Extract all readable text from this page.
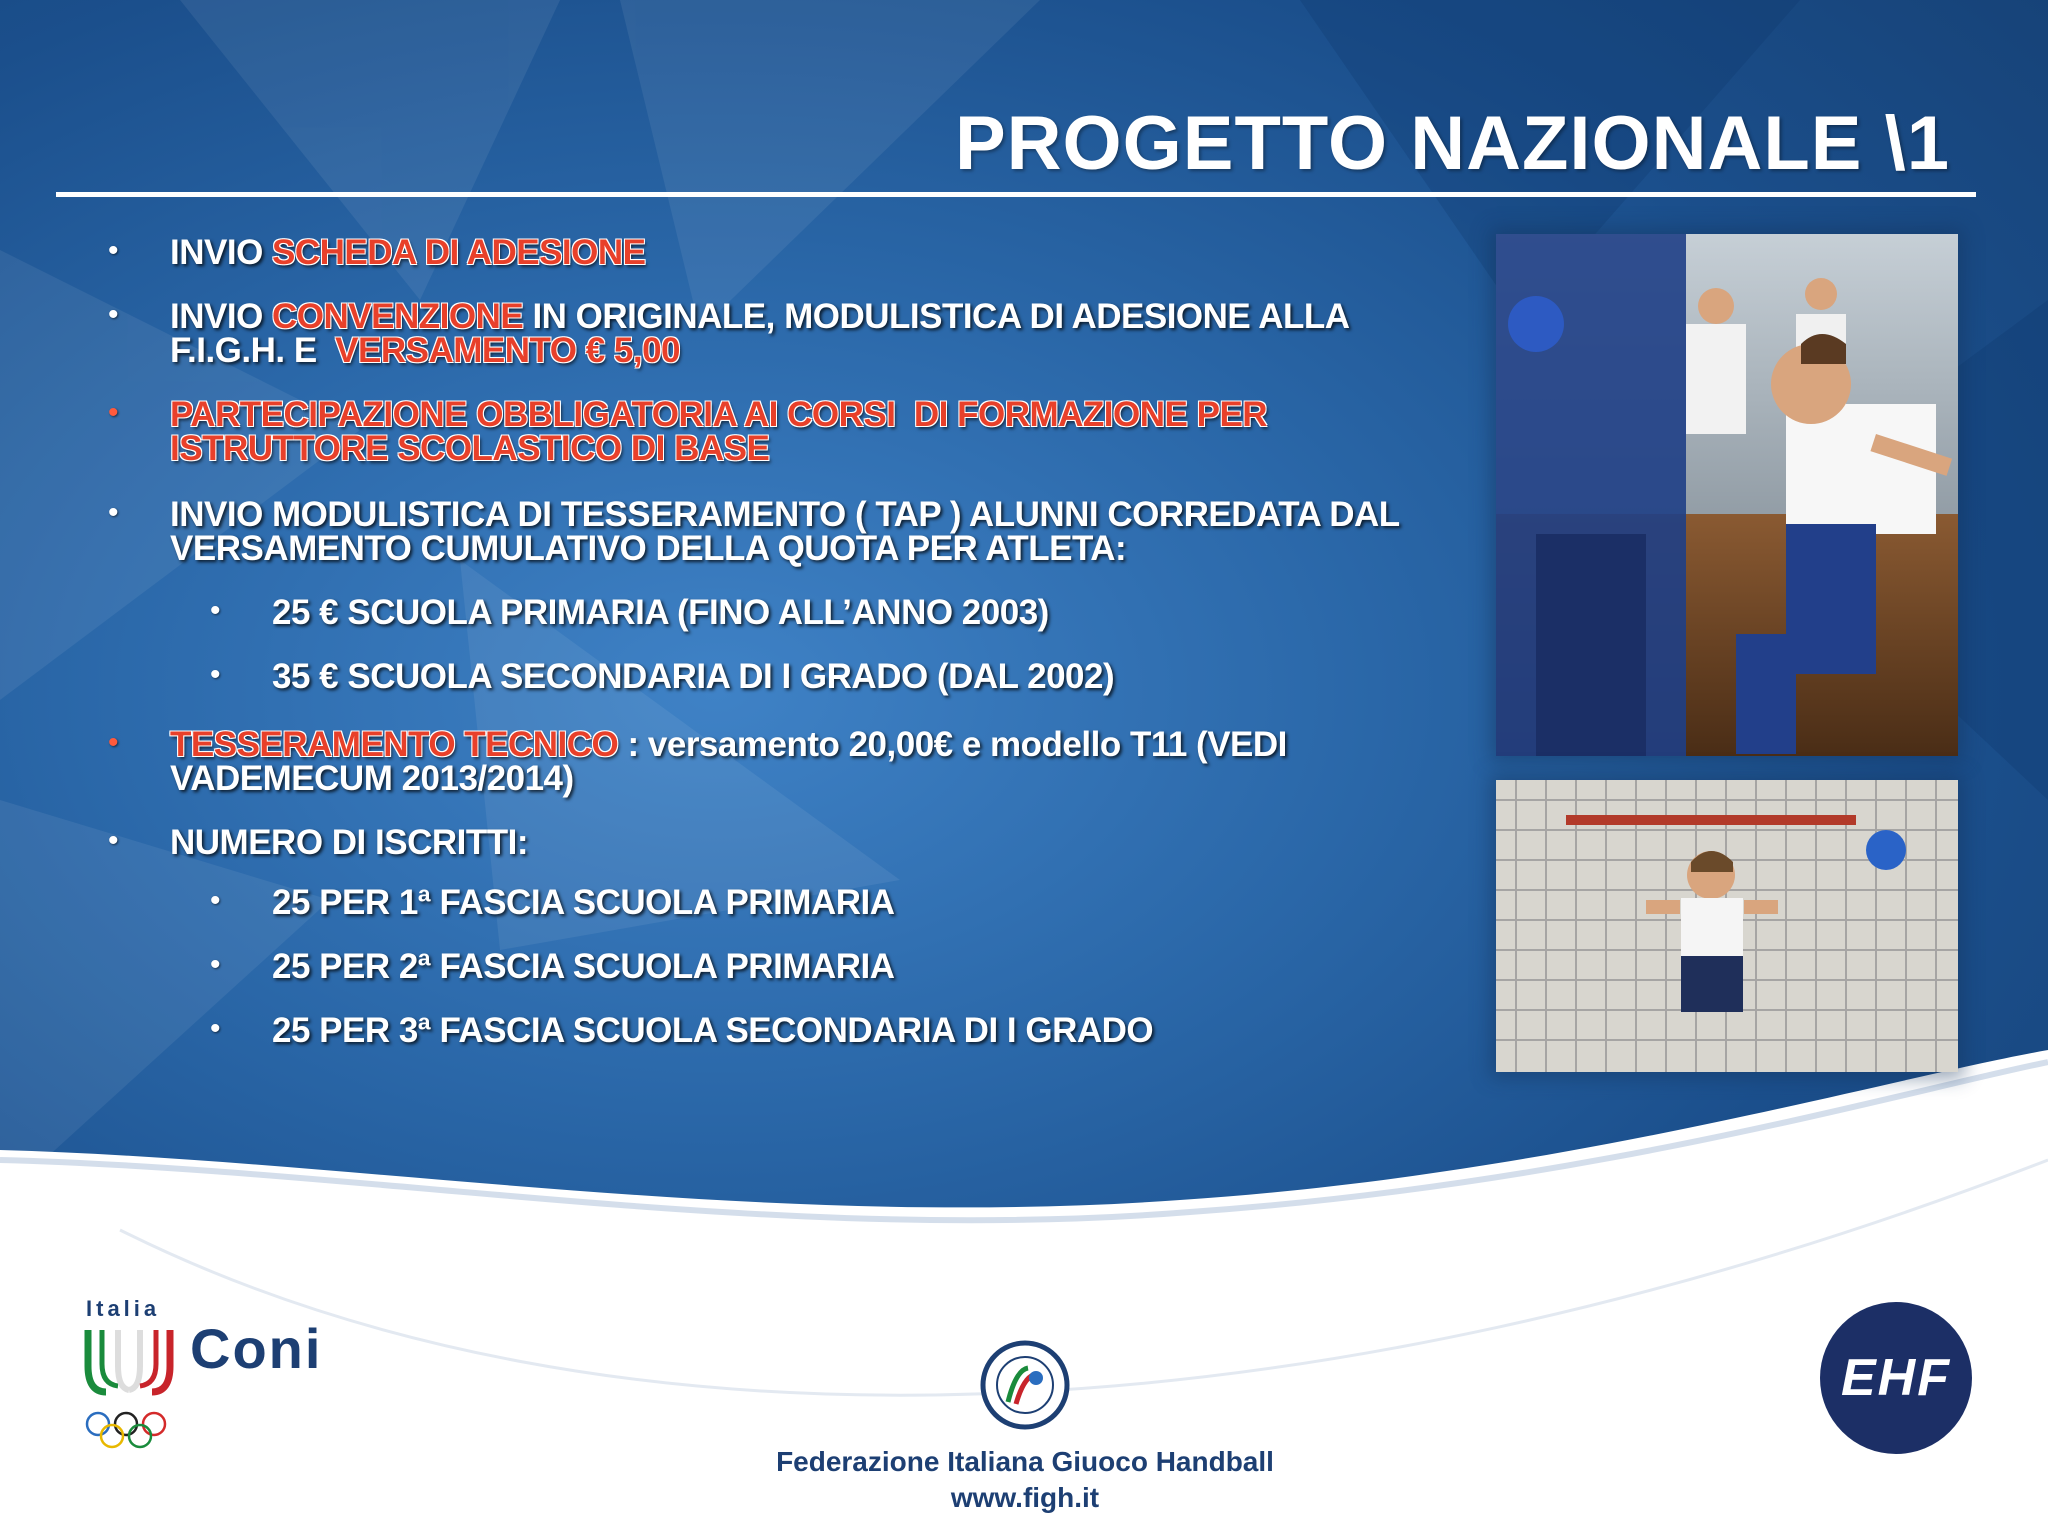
PROGETTO NAZIONALE \1
• INVIO SCHEDA DI ADESIONE
• INVIO CONVENZIONE IN ORIGINALE, MODULISTICA DI ADESIONE ALLA
F.I.G.H. E  VERSAMENTO € 5,00
• PARTECIPAZIONE OBBLIGATORIA AI CORSI  DI FORMAZIONE PER
ISTRUTTORE SCOLASTICO DI BASE
• INVIO MODULISTICA DI TESSERAMENTO ( TAP ) ALUNNI CORREDATA DAL
VERSAMENTO CUMULATIVO DELLA QUOTA PER ATLETA:
• 25 € SCUOLA PRIMARIA (FINO ALL’ANNO 2003)
• 35 € SCUOLA SECONDARIA DI I GRADO (DAL 2002)
• TESSERAMENTO TECNICO : versamento 20,00€ e modello T11 (VEDI
VADEMECUM 2013/2014)
• NUMERO DI ISCRITTI:
• 25 PER 1ª FASCIA SCUOLA PRIMARIA
• 25 PER 2ª FASCIA SCUOLA PRIMARIA
• 25 PER 3ª FASCIA SCUOLA SECONDARIA DI I GRADO
Italia
Coni
Federazione Italiana Giuoco Handball
www.figh.it
EHF
